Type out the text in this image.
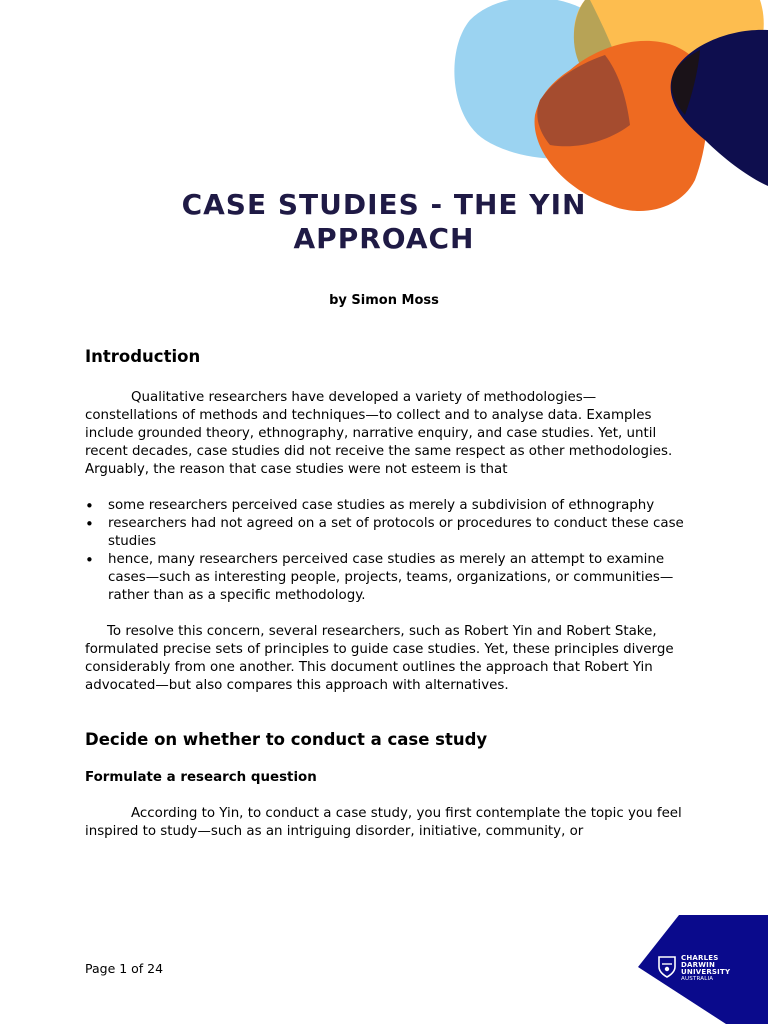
CASE STUDIES - THE YIN APPROACH
by Simon Moss
Introduction

Qualitative researchers have developed a variety of methodologies—constellations of methods and techniques—to collect and to analyse data. Examples include grounded theory, ethnography, narrative enquiry, and case studies. Yet, until recent decades, case studies did not receive the same respect as other methodologies. Arguably, the reason that case studies were not esteem is that

• some researchers perceived case studies as merely a subdivision of ethnography
• researchers had not agreed on a set of protocols or procedures to conduct these case studies
• hence, many researchers perceived case studies as merely an attempt to examine cases—such as interesting people, projects, teams, organizations, or communities—rather than as a specific methodology.

To resolve this concern, several researchers, such as Robert Yin and Robert Stake, formulated precise sets of principles to guide case studies. Yet, these principles diverge considerably from one another. This document outlines the approach that Robert Yin advocated—but also compares this approach with alternatives.

Decide on whether to conduct a case study
Formulate a research question

According to Yin, to conduct a case study, you first contemplate the topic you feel inspired to study—such as an intriguing disorder, initiative, community, or

Page 1 of 24
CHARLES
DARWIN
UNIVERSITY
AUSTRALIA
